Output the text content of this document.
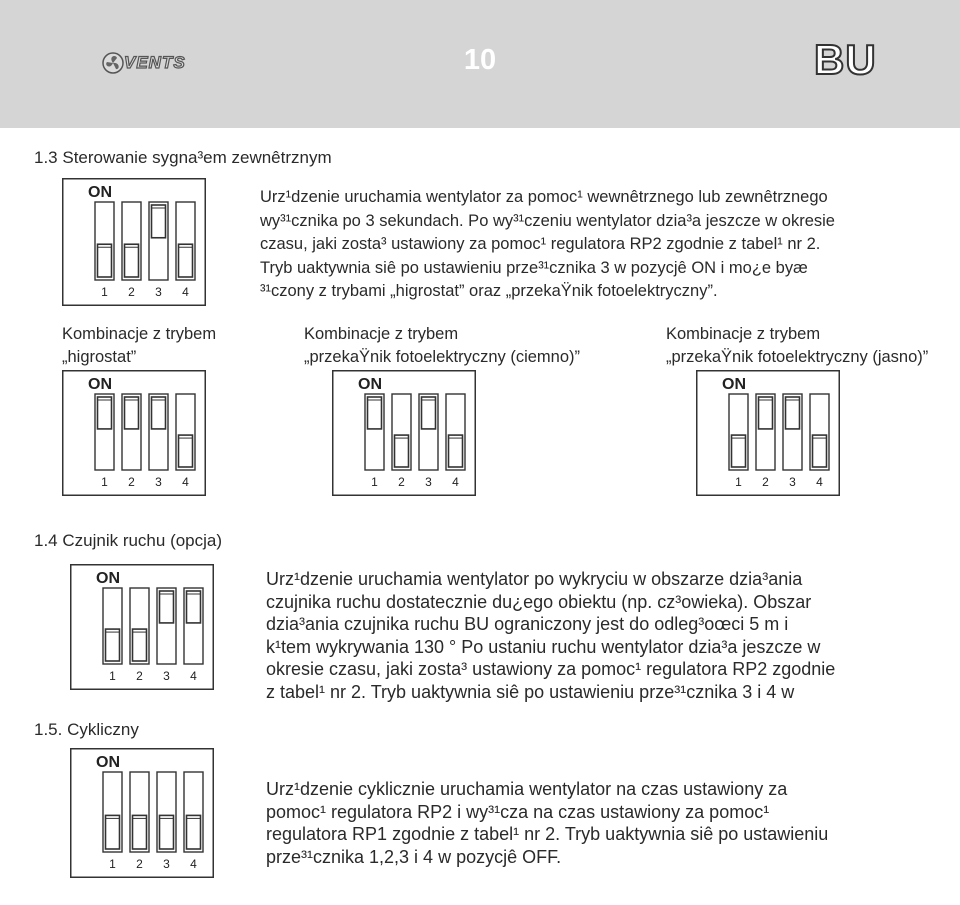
VENTS	10	BU
1.3 Sterowanie sygna³em zewnêtrznym
ON
1 2 3 4
Urz¹dzenie uruchamia wentylator za pomoc¹ wewnêtrznego lub zewnêtrznego
wy³¹cznika po 3 sekundach. Po wy³¹czeniu wentylator dzia³a jeszcze w okresie
czasu, jaki zosta³ ustawiony za pomoc¹ regulatora RP2 zgodnie z tabel¹ nr 2.
Tryb uaktywnia siê po ustawieniu prze³¹cznika 3 w pozycjê ON i mo¿e byæ
³¹czony z trybami „higrostat” oraz „przekaŸnik fotoelektryczny”.
Kombinacje z trybem
„higrostat”
Kombinacje z trybem
„przekaŸnik fotoelektryczny (ciemno)”
Kombinacje z trybem
„przekaŸnik fotoelektryczny (jasno)”
ON
1 2 3 4
ON
1 2 3 4
ON
1 2 3 4
1.4 Czujnik ruchu (opcja)
ON
1 2 3 4
Urz¹dzenie uruchamia wentylator po wykryciu w obszarze dzia³ania
czujnika ruchu dostatecznie du¿ego obiektu (np. cz³owieka). Obszar
dzia³ania czujnika ruchu BU ograniczony jest do odleg³oœci 5 m i
k¹tem wykrywania 130 ° Po ustaniu ruchu wentylator dzia³a jeszcze w
okresie czasu, jaki zosta³ ustawiony za pomoc¹ regulatora RP2 zgodnie
z tabel¹ nr 2. Tryb uaktywnia siê po ustawieniu prze³¹cznika 3 i 4 w
1.5. Cykliczny
ON
1 2 3 4
Urz¹dzenie cyklicznie uruchamia wentylator na czas ustawiony za
pomoc¹ regulatora RP2 i wy³¹cza na czas ustawiony za pomoc¹
regulatora RP1 zgodnie z tabel¹ nr 2. Tryb uaktywnia siê po ustawieniu
prze³¹cznika 1,2,3 i 4 w pozycjê OFF.
